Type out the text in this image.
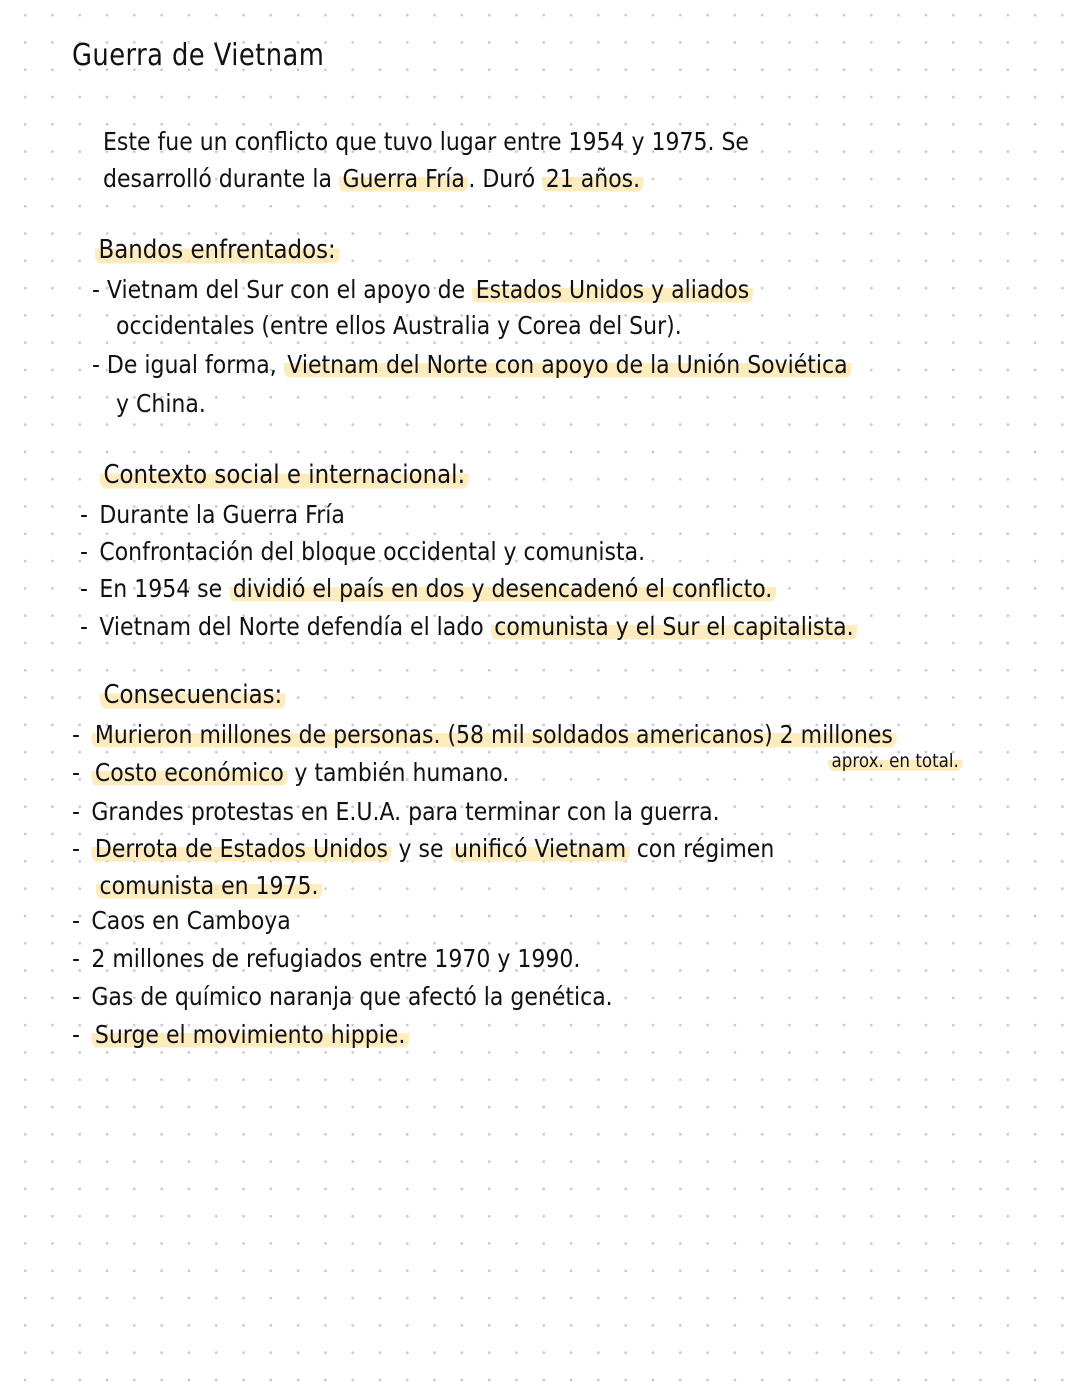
Guerra de Vietnam
Este fue un conflicto que tuvo lugar entre 1954 y 1975. Se
desarrolló durante la Guerra Fría . Duró 21 años.
Bandos enfrentados:
- Vietnam del Sur con el apoyo de Estados Unidos y aliados
occidentales (entre ellos Australia y Corea del Sur).
- De igual forma, Vietnam del Norte con apoyo de la Unión Soviética
y China.
Contexto social e internacional:
- Durante la Guerra Fría
- Confrontación del bloque occidental y comunista.
- En 1954 se dividió el país en dos y desencadenó el conflicto.
- Vietnam del Norte defendía el lado comunista y el Sur el capitalista.
Consecuencias:
- Murieron millones de personas. (58 mil soldados americanos) 2 millones
aprox. en total.
- Costo económico y también humano.
- Grandes protestas en E.U.A. para terminar con la guerra.
- Derrota de Estados Unidos y se unificó Vietnam con régimen
comunista en 1975.
- Caos en Camboya
- 2 millones de refugiados entre 1970 y 1990.
- Gas de químico naranja que afectó la genética.
- Surge el movimiento hippie.
